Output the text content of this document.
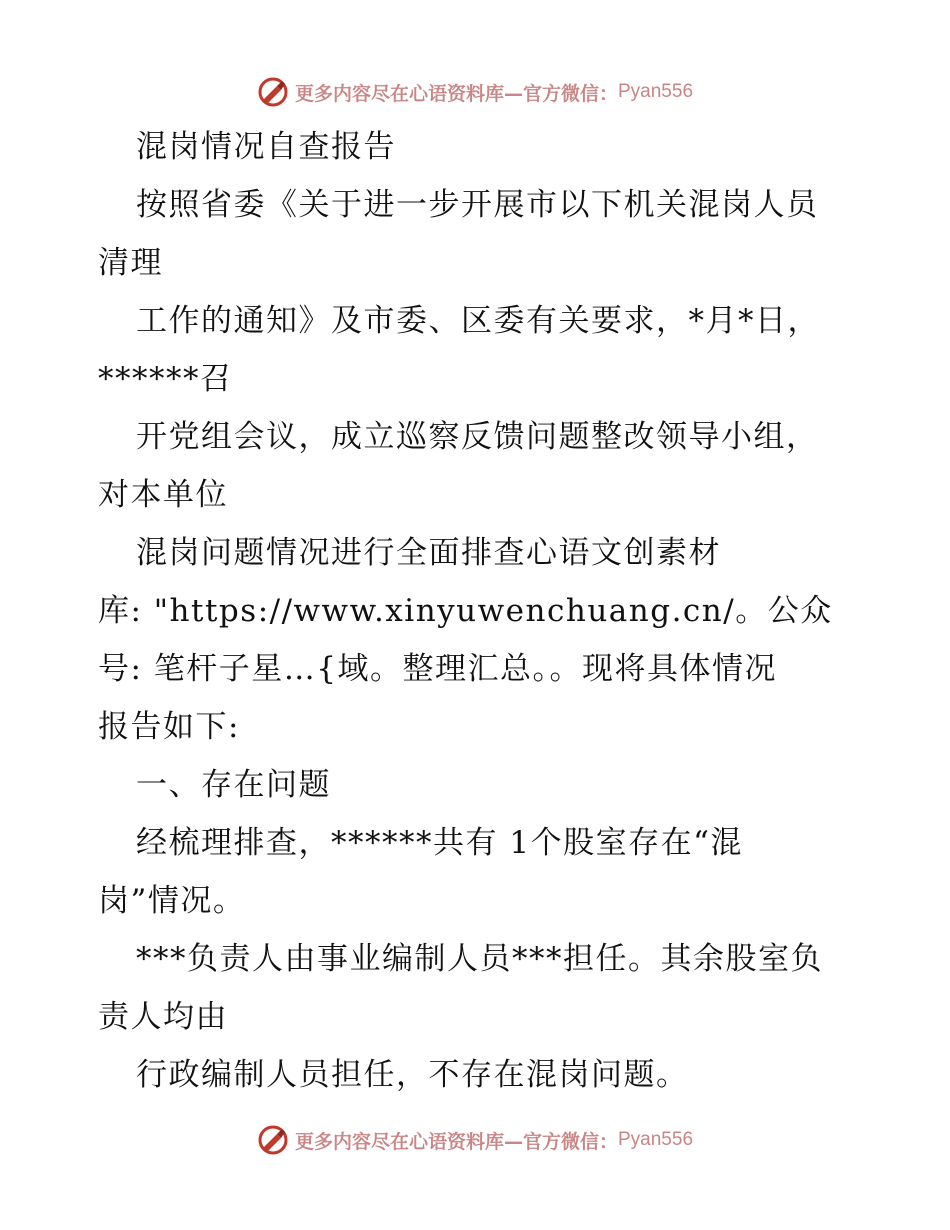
更多内容尽在心语资料库—官方微信： Pyan556
混岗情况自查报告
按照省委《关于进一步开展市以下机关混岗人员
清理
工作的通知》及市委、区委有关要求，*月*日，
******召
开党组会议，成立巡察反馈问题整改领导小组，
对本单位
混岗问题情况进行全面排查心语文创素材
库: "https://www.xinyuwenchuang.cn/。公众
号: 笔杆子星…{域。整理汇总。。现将具体情况
报告如下:
一、存在问题
经梳理排查，******共有 1个股室存在“混
岗”情况。
***负责人由事业编制人员***担任。其余股室负
责人均由
行政编制人员担任，不存在混岗问题。
更多内容尽在心语资料库—官方微信： Pyan556
